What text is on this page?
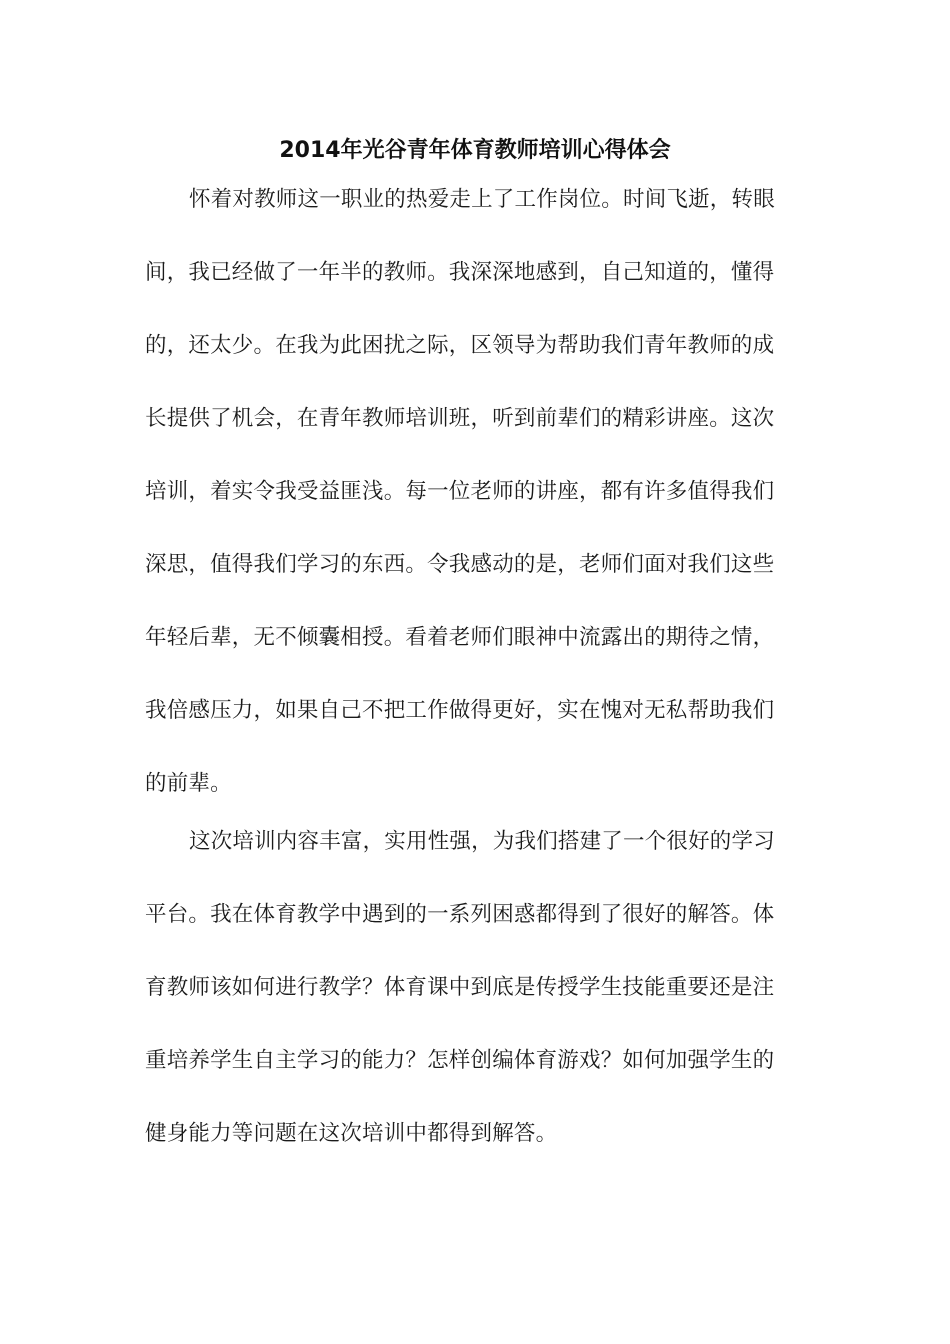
2014年光谷青年体育教师培训心得体会
怀着对教师这一职业的热爱走上了工作岗位。时间飞逝，转眼
间，我已经做了一年半的教师。我深深地感到，自己知道的，懂得
的，还太少。在我为此困扰之际，区领导为帮助我们青年教师的成
长提供了机会，在青年教师培训班，听到前辈们的精彩讲座。这次
培训，着实令我受益匪浅。每一位老师的讲座，都有许多值得我们
深思，值得我们学习的东西。令我感动的是，老师们面对我们这些
年轻后辈，无不倾囊相授。看着老师们眼神中流露出的期待之情，
我倍感压力，如果自己不把工作做得更好，实在愧对无私帮助我们
的前辈。
这次培训内容丰富，实用性强，为我们搭建了一个很好的学习
平台。我在体育教学中遇到的一系列困惑都得到了很好的解答。体
育教师该如何进行教学？体育课中到底是传授学生技能重要还是注
重培养学生自主学习的能力？怎样创编体育游戏？如何加强学生的
健身能力等问题在这次培训中都得到解答。
